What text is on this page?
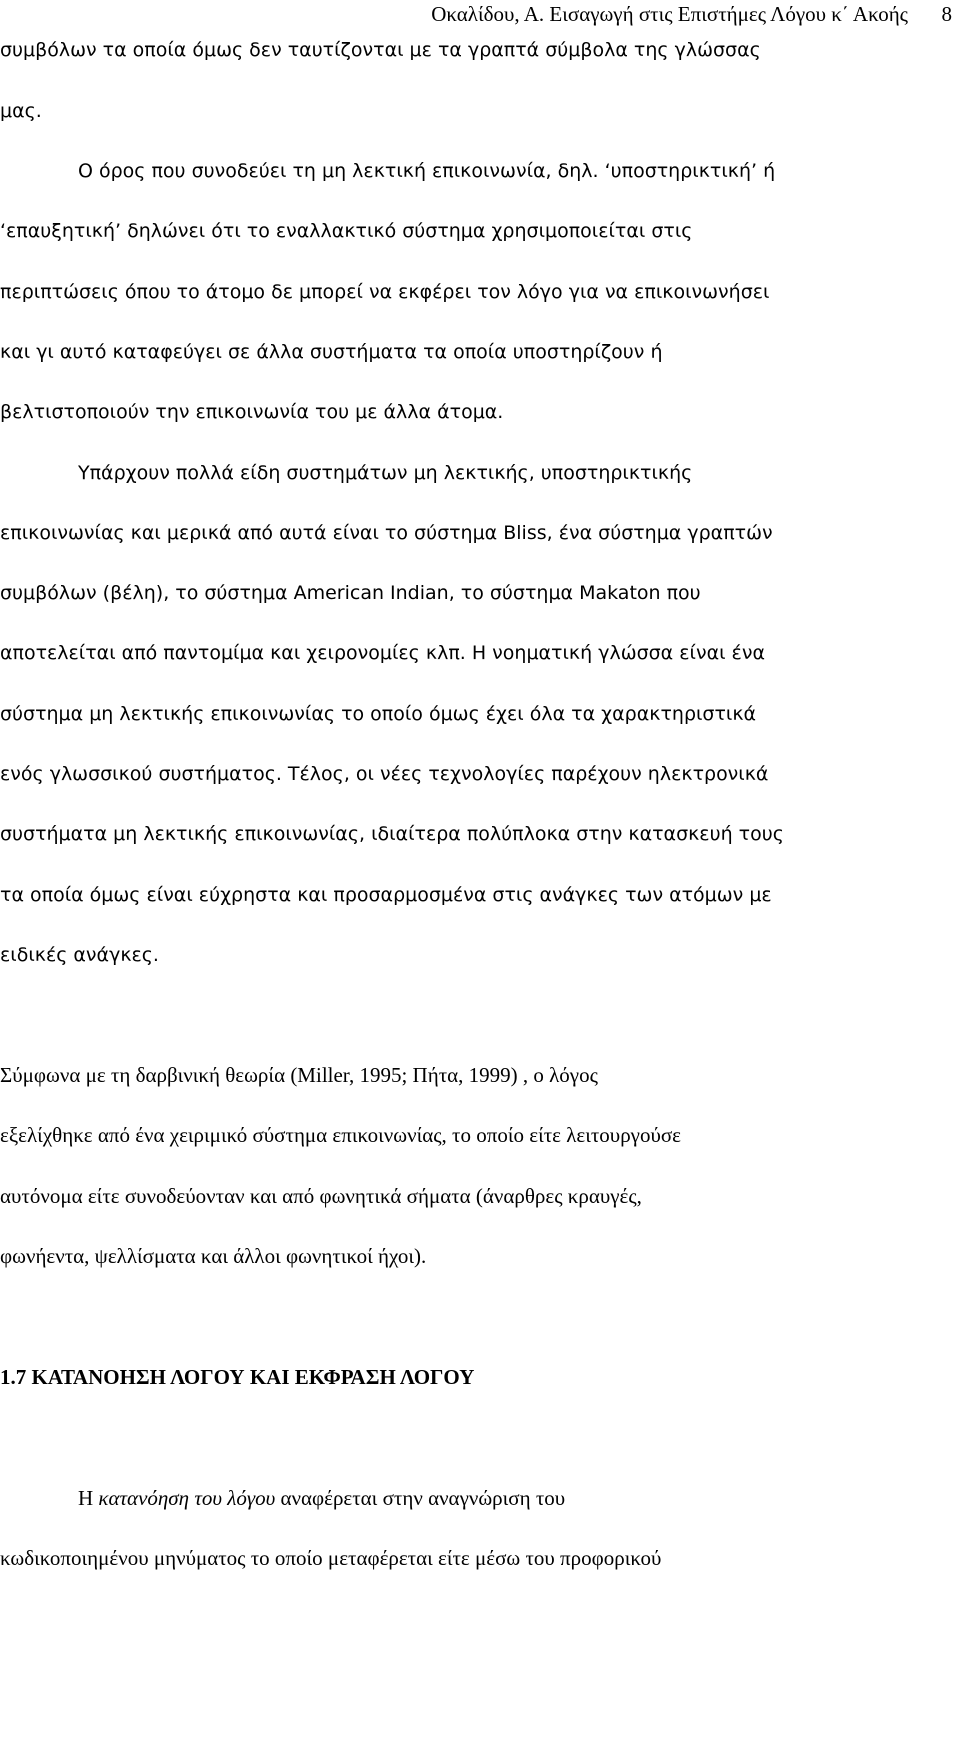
Οκαλίδου, Α. Εισαγωγή στις Επιστήμες Λόγου κ΄ Ακοής 8
συμβόλων τα οποία όμως δεν ταυτίζονται με τα γραπτά σύμβολα της γλώσσας
μας.
Ο όρος που συνοδεύει τη μη λεκτική επικοινωνία, δηλ. ‘υποστηρικτική’ ή
‘επαυξητική’ δηλώνει ότι το εναλλακτικό σύστημα χρησιμοποιείται στις
περιπτώσεις όπου το άτομο δε μπορεί να εκφέρει τον λόγο για να επικοινωνήσει
και γι αυτό καταφεύγει σε άλλα συστήματα τα οποία υποστηρίζουν ή
βελτιστοποιούν την επικοινωνία του με άλλα άτομα.
Υπάρχουν πολλά είδη συστημάτων μη λεκτικής, υποστηρικτικής
επικοινωνίας και μερικά από αυτά είναι το σύστημα Bliss, ένα σύστημα γραπτών
συμβόλων (βέλη), το σύστημα American Indian, το σύστημα Makaton που
αποτελείται από παντομίμα και χειρονομίες κλπ. Η νοηματική γλώσσα είναι ένα
σύστημα μη λεκτικής επικοινωνίας το οποίο όμως έχει όλα τα χαρακτηριστικά
ενός γλωσσικού συστήματος. Τέλος, οι νέες τεχνολογίες παρέχουν ηλεκτρονικά
συστήματα μη λεκτικής επικοινωνίας, ιδιαίτερα πολύπλοκα στην κατασκευή τους
τα οποία όμως είναι εύχρηστα και προσαρμοσμένα στις ανάγκες των ατόμων με
ειδικές ανάγκες.
Σύμφωνα με τη δαρβινική θεωρία (Miller, 1995; Πήτα, 1999) , ο λόγος
εξελίχθηκε από ένα χειριμικό σύστημα επικοινωνίας, το οποίο είτε λειτουργούσε
αυτόνομα είτε συνοδεύονταν και από φωνητικά σήματα (άναρθρες κραυγές,
φωνήεντα, ψελλίσματα και άλλοι φωνητικοί ήχοι).
1.7 ΚΑΤΑΝΟΗΣΗ ΛΟΓΟΥ ΚΑΙ ΕΚΦΡΑΣΗ ΛΟΓΟΥ
Η κατανόηση του λόγου αναφέρεται στην αναγνώριση του
κωδικοποιημένου μηνύματος το οποίο μεταφέρεται είτε μέσω του προφορικού
